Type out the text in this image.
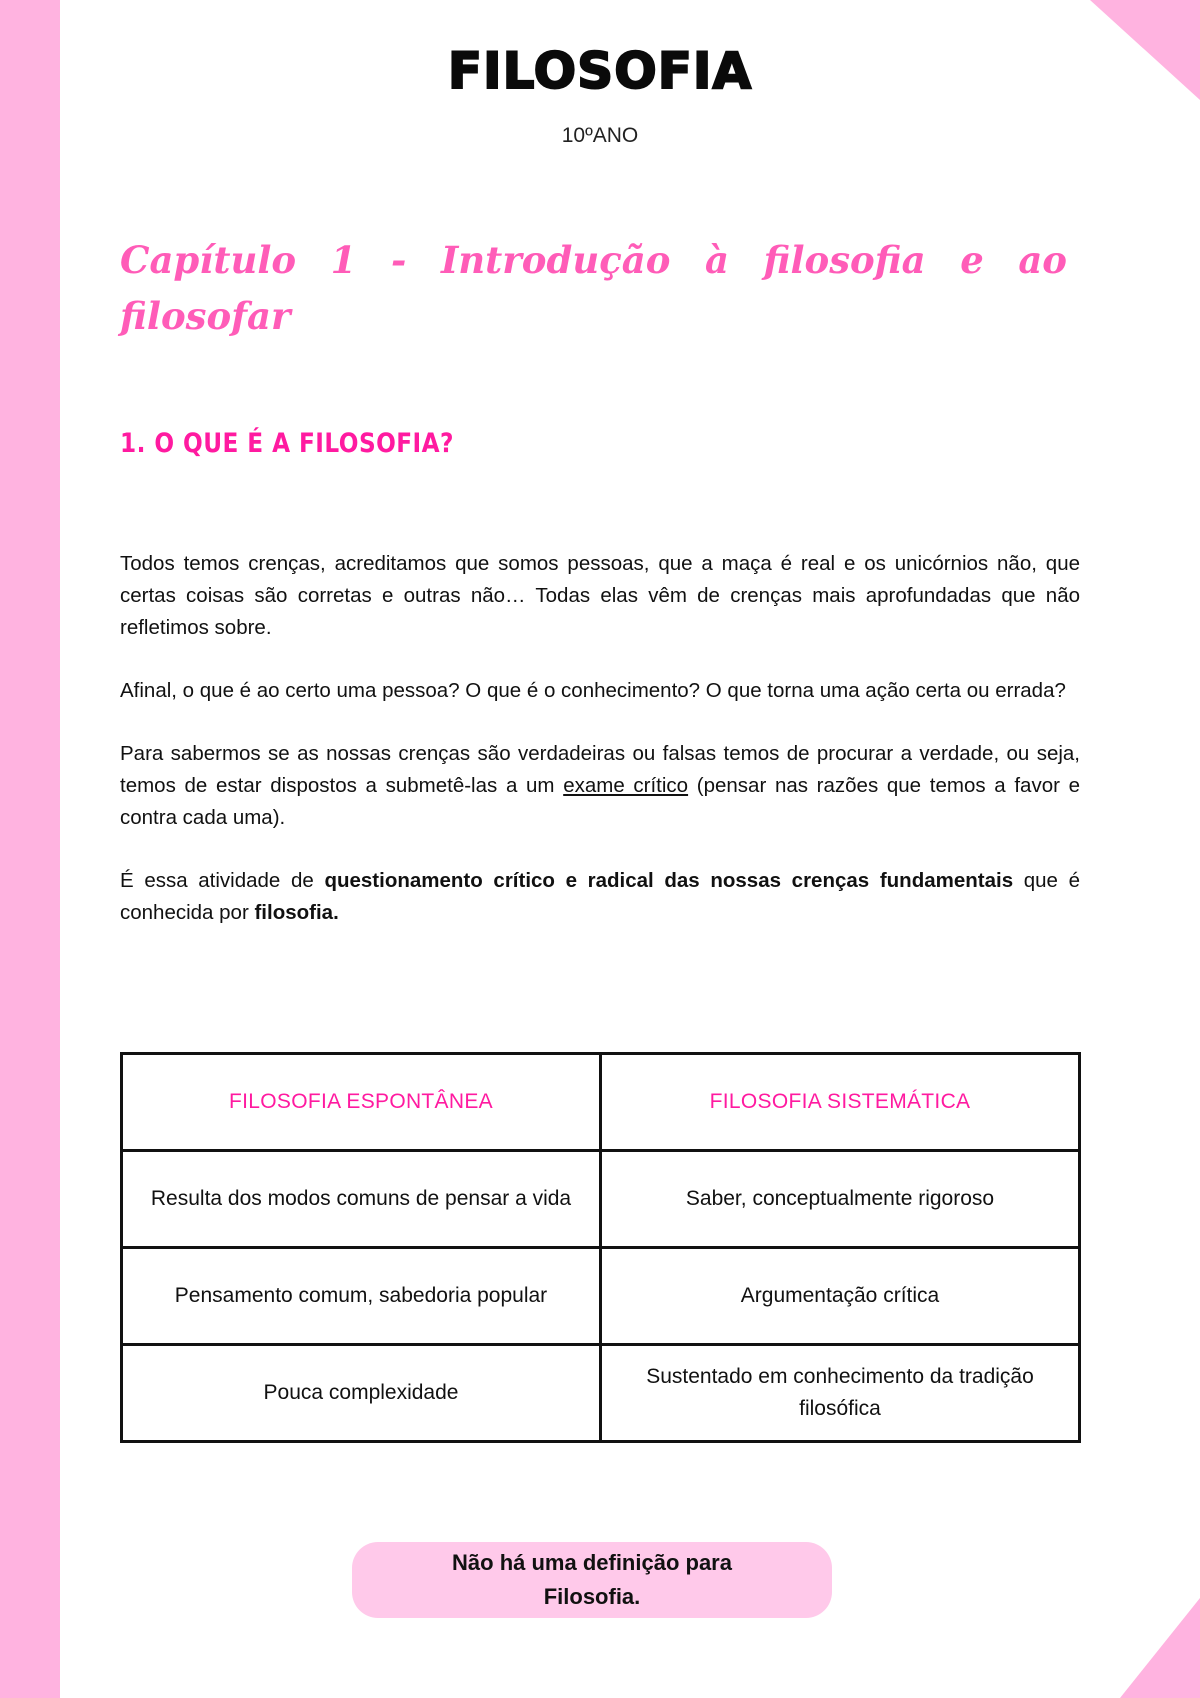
FILOSOFIA
10ºANO
Capítulo 1 - Introdução à filosofia e ao filosofar
1. O QUE É A FILOSOFIA?

Todos temos crenças, acreditamos que somos pessoas, que a maça é real e os unicórnios não, que certas coisas são corretas e outras não… Todas elas vêm de crenças mais aprofundadas que não refletimos sobre.

Afinal, o que é ao certo uma pessoa? O que é o conhecimento? O que torna uma ação certa ou errada?

Para sabermos se as nossas crenças são verdadeiras ou falsas temos de procurar a verdade, ou seja, temos de estar dispostos a submetê-las a um exame crítico (pensar nas razões que temos a favor e contra cada uma).

É essa atividade de questionamento crítico e radical das nossas crenças fundamentais que é conhecida por filosofia.

FILOSOFIA ESPONTÂNEA	FILOSOFIA SISTEMÁTICA
Resulta dos modos comuns de pensar a vida	Saber, conceptualmente rigoroso
Pensamento comum, sabedoria popular	Argumentação crítica
Pouca complexidade	Sustentado em conhecimento da tradição filosófica
Não há uma definição para Filosofia.
